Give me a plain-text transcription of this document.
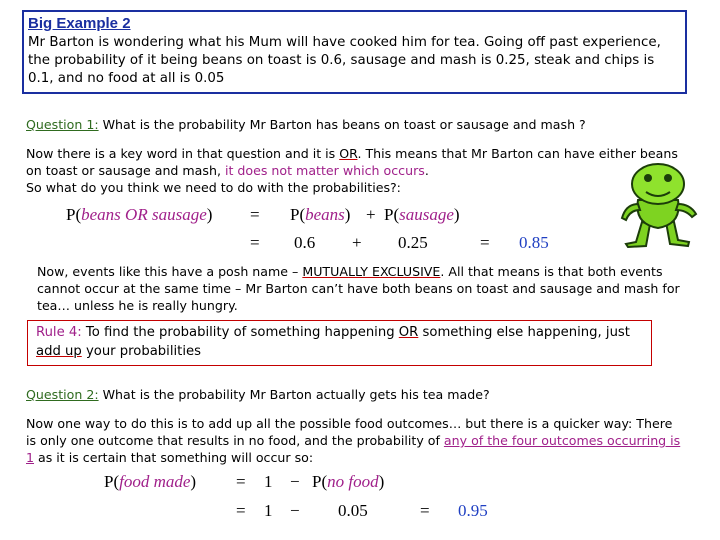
Big Example 2
Mr Barton is wondering what his Mum will have cooked him for tea. Going off past experience, the probability of it being beans on toast is 0.6, sausage and mash is 0.25, steak and chips is 0.1, and no food at all is 0.05
Question 1: What is the probability Mr Barton has beans on toast or sausage and mash ?
Now there is a key word in that question and it is OR. This means that Mr Barton can have either beans on toast or sausage and mash, it does not matter which occurs.
So what do you think we need to do with the probabilities?:
P(beans OR sausage) = P(beans) + P(sausage)
= 0.6 + 0.25	= 0.85
Now, events like this have a posh name – MUTUALLY EXCLUSIVE. All that means is that both events cannot occur at the same time – Mr Barton can’t have both beans on toast and sausage and mash for tea… unless he is really hungry.
Rule 4: To find the probability of something happening OR something else happening, just add up your probabilities
Question 2: What is the probability Mr Barton actually gets his tea made?
Now one way to do this is to add up all the possible food outcomes… but there is a quicker way: There is only one outcome that results in no food, and the probability of any of the four outcomes occurring is 1 as it is certain that something will occur so:
P(food made) = 1 − P(no food)
= 1 − 0.05	= 0.95
